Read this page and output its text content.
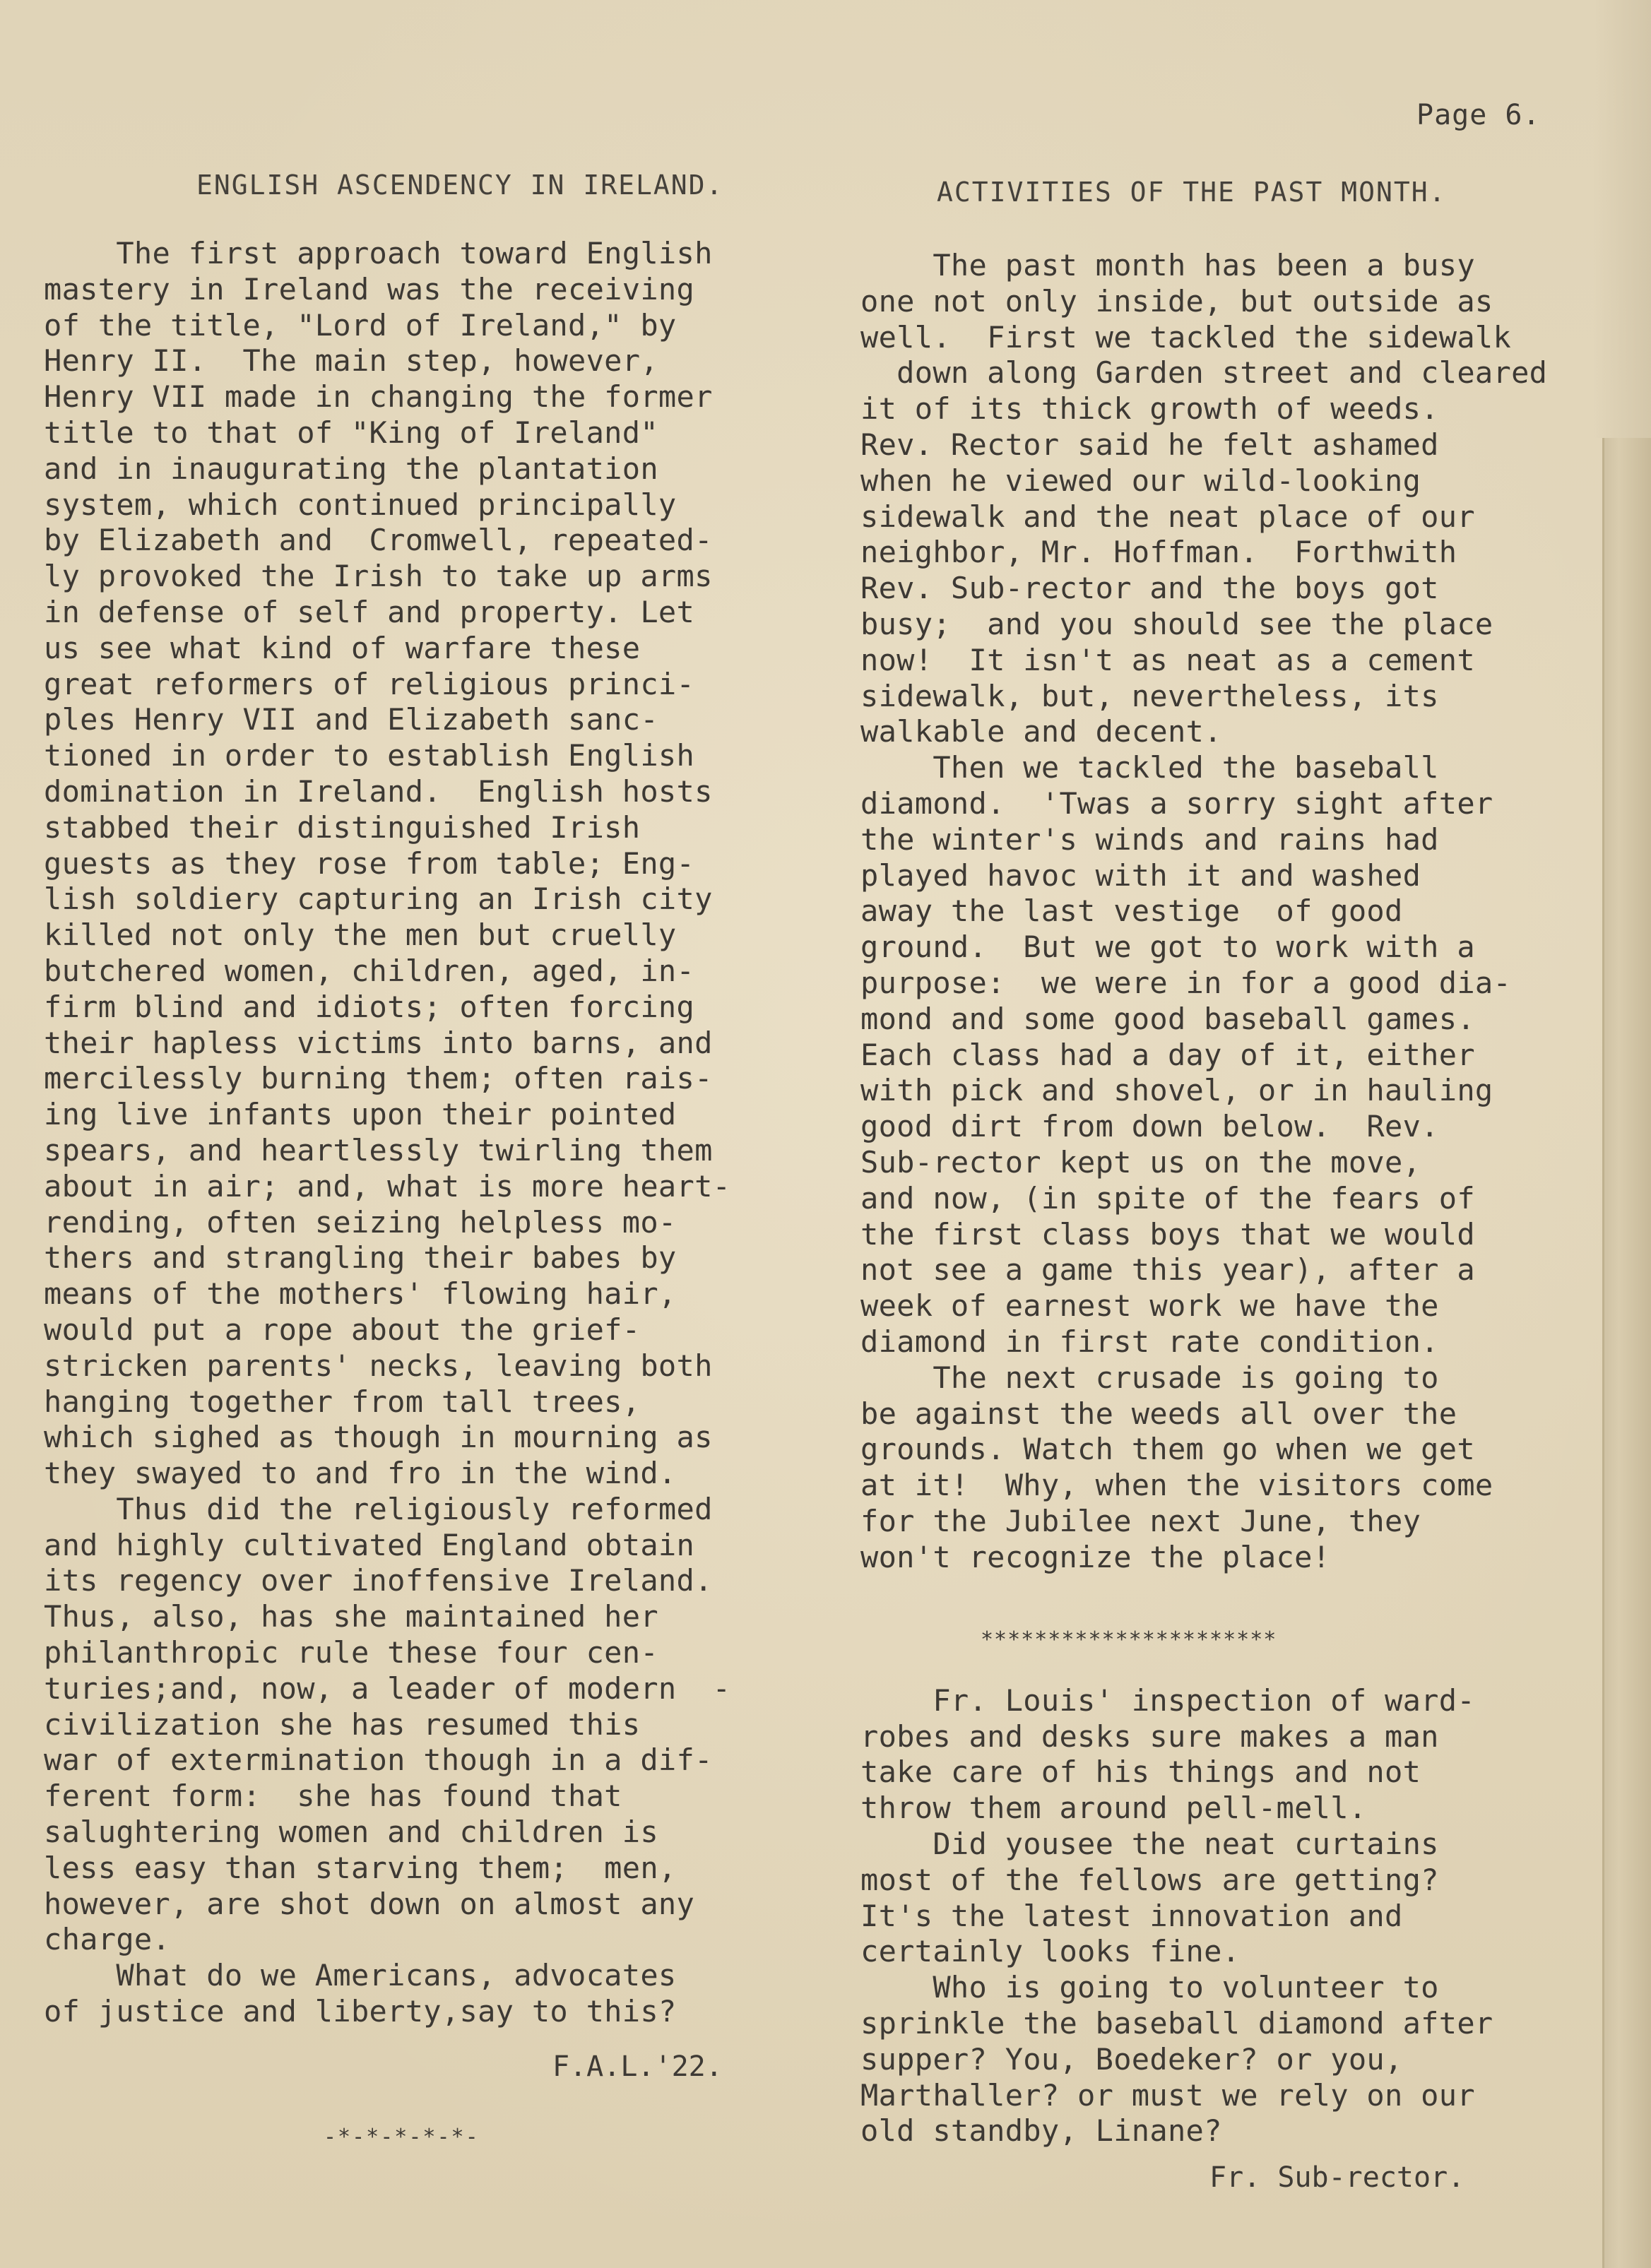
Page 6.
ENGLISH ASCENDENCY IN IRELAND.	ACTIVITIES OF THE PAST MONTH.
The first approach toward English
mastery in Ireland was the receiving
of the title, "Lord of Ireland," by
Henry II.  The main step, however,
Henry VII made in changing the former
title to that of "King of Ireland"
and in inaugurating the plantation
system, which continued principally
by Elizabeth and  Cromwell, repeated-
ly provoked the Irish to take up arms
in defense of self and property. Let
us see what kind of warfare these
great reformers of religious princi-
ples Henry VII and Elizabeth sanc-
tioned in order to establish English
domination in Ireland.  English hosts
stabbed their distinguished Irish
guests as they rose from table; Eng-
lish soldiery capturing an Irish city
killed not only the men but cruelly
butchered women, children, aged, in-
firm blind and idiots; often forcing
their hapless victims into barns, and
mercilessly burning them; often rais-
ing live infants upon their pointed
spears, and heartlessly twirling them
about in air; and, what is more heart-
rending, often seizing helpless mo-
thers and strangling their babes by
means of the mothers' flowing hair,
would put a rope about the grief-
stricken parents' necks, leaving both
hanging together from tall trees,
which sighed as though in mourning as
they swayed to and fro in the wind.
Thus did the religiously reformed
and highly cultivated England obtain
its regency over inoffensive Ireland.
Thus, also, has she maintained her
philanthropic rule these four cen-
turies;and, now, a leader of modern  -
civilization she has resumed this
war of extermination though in a dif-
ferent form:  she has found that
salughtering women and children is
less easy than starving them;  men,
however, are shot down on almost any
charge.
What do we Americans, advocates
of justice and liberty,say to this?
The past month has been a busy
one not only inside, but outside as
well.  First we tackled the sidewalk
down along Garden street and cleared
it of its thick growth of weeds.
Rev. Rector said he felt ashamed
when he viewed our wild-looking
sidewalk and the neat place of our
neighbor, Mr. Hoffman.  Forthwith
Rev. Sub-rector and the boys got
busy;  and you should see the place
now!  It isn't as neat as a cement
sidewalk, but, nevertheless, its
walkable and decent.
Then we tackled the baseball
diamond.  'Twas a sorry sight after
the winter's winds and rains had
played havoc with it and washed
away the last vestige  of good
ground.  But we got to work with a
purpose:  we were in for a good dia-
mond and some good baseball games.
Each class had a day of it, either
with pick and shovel, or in hauling
good dirt from down below.  Rev.
Sub-rector kept us on the move,
and now, (in spite of the fears of
the first class boys that we would
not see a game this year), after a
week of earnest work we have the
diamond in first rate condition.
The next crusade is going to
be against the weeds all over the
grounds. Watch them go when we get
at it!  Why, when the visitors come
for the Jubilee next June, they
won't recognize the place!
Fr. Louis' inspection of ward-
robes and desks sure makes a man
take care of his things and not
throw them around pell-mell.
Did yousee the neat curtains
most of the fellows are getting?
It's the latest innovation and
certainly looks fine.
Who is going to volunteer to
sprinkle the baseball diamond after
supper? You, Boedeker? or you,
Marthaller? or must we rely on our
old standby, Linane?
F.A.L.'22.
-*-*-*-*-*-
**********************
Fr. Sub-rector.
